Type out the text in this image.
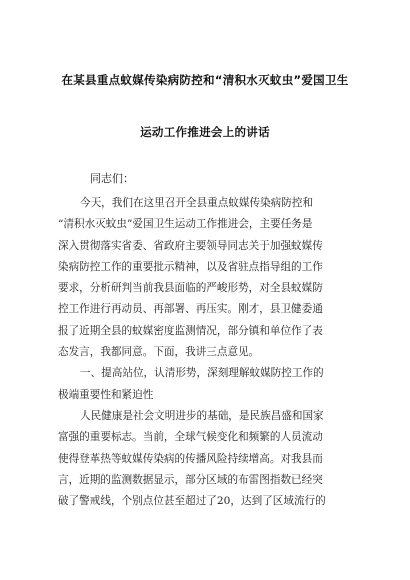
在某县重点蚊媒传染病防控和“清积水灭蚊虫”爱国卫生
运动工作推进会上的讲话
同志们：
今天，我们在这里召开全县重点蚊媒传染病防控和
“清积水灭蚊虫”爱国卫生运动工作推进会，主要任务是
深入贯彻落实省委、省政府主要领导同志关于加强蚊媒传
染病防控工作的重要批示精神，以及省驻点指导组的工作
要求，分析研判当前我县面临的严峻形势，对全县蚊媒防
控工作进行再动员、再部署、再压实。刚才，县卫健委通
报了近期全县的蚊媒密度监测情况，部分镇和单位作了表
态发言，我都同意。下面，我讲三点意见。
一、提高站位，认清形势，深刻理解蚊媒防控工作的
极端重要性和紧迫性
人民健康是社会文明进步的基础，是民族昌盛和国家
富强的重要标志。当前，全球气候变化和频繁的人员流动
使得登革热等蚊媒传染病的传播风险持续增高。对我县而
言，近期的监测数据显示，部分区域的布雷图指数已经突
破了警戒线，个别点位甚至超过了20，达到了区域流行的
